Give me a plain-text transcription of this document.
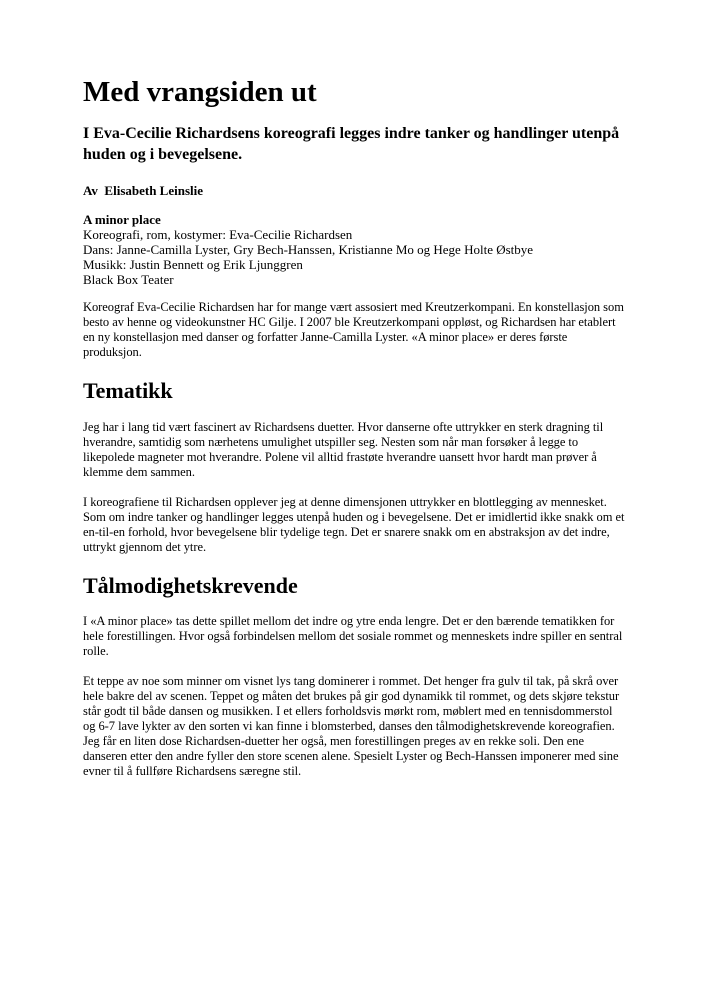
Med vrangsiden ut

I Eva-Cecilie Richardsens koreografi legges indre tanker og handlinger utenpå huden og i bevegelsene.

Av  Elisabeth Leinslie

A minor place

Koreografi, rom, kostymer: Eva-Cecilie Richardsen

Dans: Janne-Camilla Lyster, Gry Bech-Hanssen, Kristianne Mo og Hege Holte Østbye

Musikk: Justin Bennett og Erik Ljunggren

Black Box Teater

Koreograf Eva-Cecilie Richardsen har for mange vært assosiert med Kreutzerkompani. En konstellasjon som besto av henne og videokunstner HC Gilje. I 2007 ble Kreutzerkompani oppløst, og Richardsen har etablert en ny konstellasjon med danser og forfatter Janne-Camilla Lyster. «A minor place» er deres første produksjon.

Tematikk

Jeg har i lang tid vært fascinert av Richardsens duetter. Hvor danserne ofte uttrykker en sterk dragning til hverandre, samtidig som nærhetens umulighet utspiller seg. Nesten som når man forsøker å legge to likepolede magneter mot hverandre. Polene vil alltid frastøte hverandre uansett hvor hardt man prøver å klemme dem sammen.

I koreografiene til Richardsen opplever jeg at denne dimensjonen uttrykker en blottlegging av mennesket. Som om indre tanker og handlinger legges utenpå huden og i bevegelsene. Det er imidlertid ikke snakk om et en-til-en forhold, hvor bevegelsene blir tydelige tegn. Det er snarere snakk om en abstraksjon av det indre, uttrykt gjennom det ytre.

Tålmodighetskrevende

I «A minor place» tas dette spillet mellom det indre og ytre enda lengre. Det er den bærende tematikken for hele forestillingen. Hvor også forbindelsen mellom det sosiale rommet og menneskets indre spiller en sentral rolle.

Et teppe av noe som minner om visnet lys tang dominerer i rommet. Det henger fra gulv til tak, på skrå over hele bakre del av scenen. Teppet og måten det brukes på gir god dynamikk til rommet, og dets skjøre tekstur står godt til både dansen og musikken. I et ellers forholdsvis mørkt rom, møblert med en tennisdommerstol og 6-7 lave lykter av den sorten vi kan finne i blomsterbed, danses den tålmodighetskrevende koreografien. Jeg får en liten dose Richardsen-duetter her også, men forestillingen preges av en rekke soli. Den ene danseren etter den andre fyller den store scenen alene. Spesielt Lyster og Bech-Hanssen imponerer med sine evner til å fullføre Richardsens særegne stil.
